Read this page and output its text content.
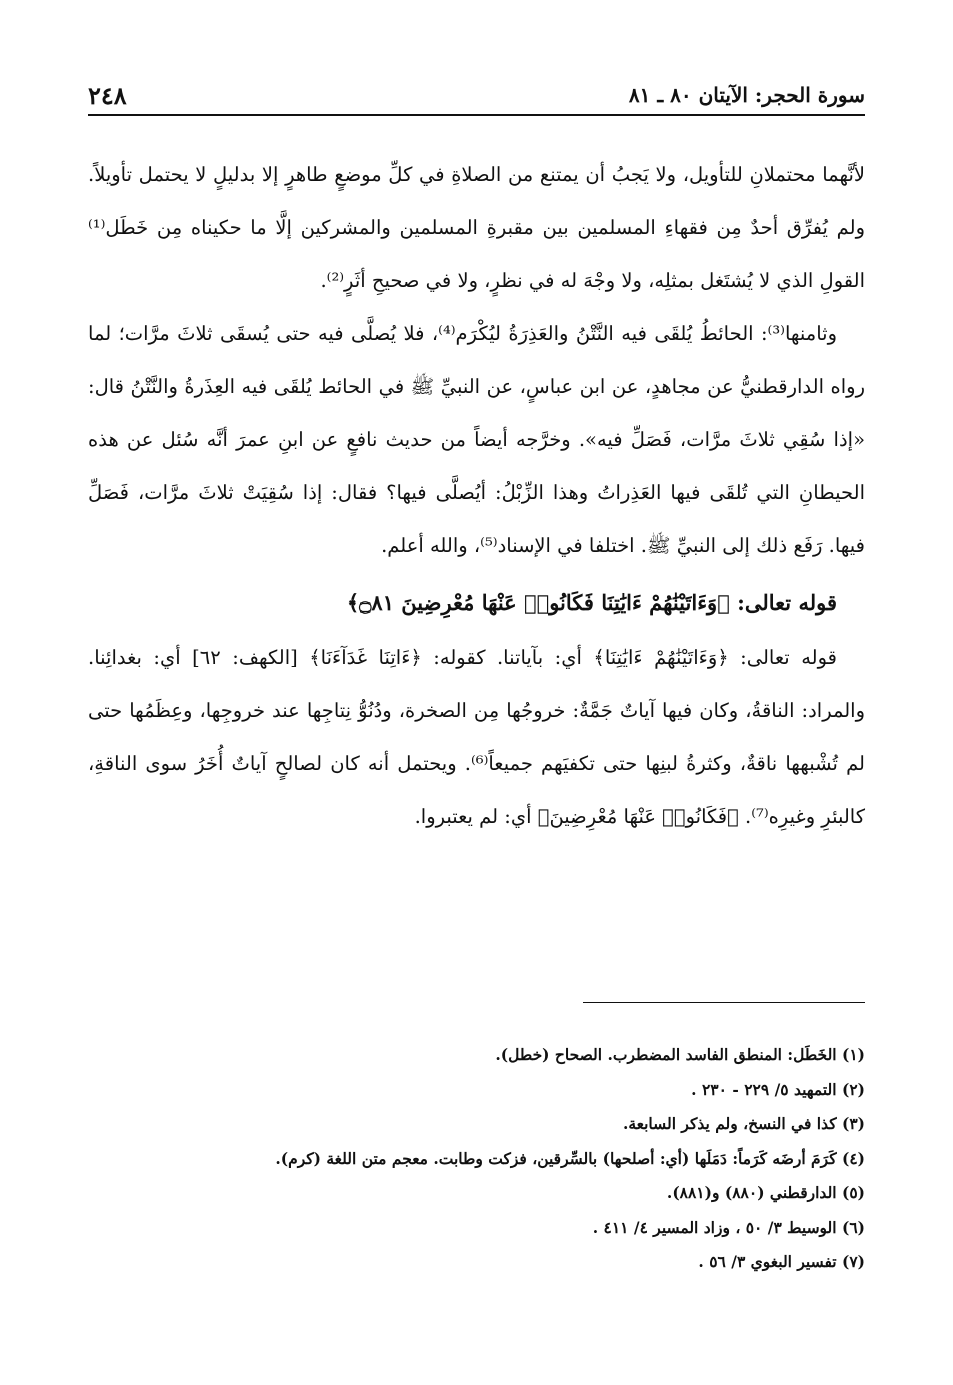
٢٤٨	سورة الحجر: الآيتان ٨٠ ـ ٨١

لأنَّهما محتملانِ للتأويل، ولا يَجبُ أن يمتنع من الصلاةِ في كلِّ موضعٍ طاهرٍ إلا بدليلٍ لا يحتمل تأويلاً. ولم يُفرِّق أحدٌ مِن فقهاءِ المسلمين بين مقبرةِ المسلمين والمشركين إلَّا ما حكيناه مِن خَطَل⁽¹⁾ القولِ الذي لا يُشتَغل بمثلِه، ولا وجْهَ له في نظرٍ، ولا في صحيحِ أثَرٍ⁽²⁾.

وثامنها⁽³⁾: الحائطُ يُلقَى فيه النَّتْنُ والعَذِرَةُ ليُكْرَم⁽⁴⁾، فلا يُصلَّى فيه حتى يُسقَى ثلاثَ مرَّات؛ لما رواه الدارقطنيُّ عن مجاهدٍ، عن ابن عباسٍ، عن النبيِّ ﷺ في الحائط يُلقَى فيه العِذَرةُ والنَّتْنُ قال: «إذا سُقِي ثلاثَ مرَّات، فَصَلِّ فيه». وخرَّجه أيضاً من حديث نافعٍ عن ابنِ عمرَ أنَّه سُئل عن هذه الحيطانِ التي تُلقَى فيها العَذِراتُ وهذا الزِّبْلُ: أيُصلَّى فيها؟ فقال: إذا سُقِيَتْ ثلاثَ مرَّات، فَصَلِّ فيها. رَفَع ذلك إلى النبيِّ ﷺ. اختلفا في الإسناد⁽⁵⁾، والله أعلم.

قوله تعالى: ﴿وَءَاتَيْنَٰهُمْ ءَايَٰتِنَا فَكَانُوا۟ عَنْهَا مُعْرِضِينَ ۝٨١﴾

قوله تعالى: ﴿وَءَاتَيْنَٰهُمْ ءَايَٰتِنَا﴾ أي: بآياتنا. كقوله: ﴿ءَاتِنَا غَدَآءَنَا﴾ [الكهف: ٦٢] أي: بغدائِنا. والمراد: الناقةُ، وكان فيها آياتٌ جَمَّةٌ: خروجُها مِن الصخرة، ودُنُوُّ نِتاجِها عند خروجِها، وعِظَمُها حتى لم تُشْبهها ناقةٌ، وكثرةُ لبنِها حتى تكفيَهم جميعاً⁽⁶⁾. ويحتمل أنه كان لصالحٍ آياتٌ أُخَرُ سوى الناقةِ، كالبئرِ وغيرِه⁽⁷⁾. ﴿فَكَانُوا۟ عَنْهَا مُعْرِضِينَ﴾ أي: لم يعتبروا.

(١) الخَطَل: المنطق الفاسد المضطرب. الصحاح (خطل).

(٢) التمهيد ٥/ ٢٢٩ - ٢٣٠ .

(٣) كذا في النسخ، ولم يذكر السابعة.

(٤) كَرَمَ أرضَه كَرَماً: دَمَلَها (أي: أصلحها) بالسِّرقين، فزكت وطابت. معجم متن اللغة (كرم).

(٥) الدارقطني (٨٨٠) و(٨٨١).

(٦) الوسيط ٣/ ٥٠ ، وزاد المسير ٤/ ٤١١ .

(٧) تفسير البغوي ٣/ ٥٦ .
